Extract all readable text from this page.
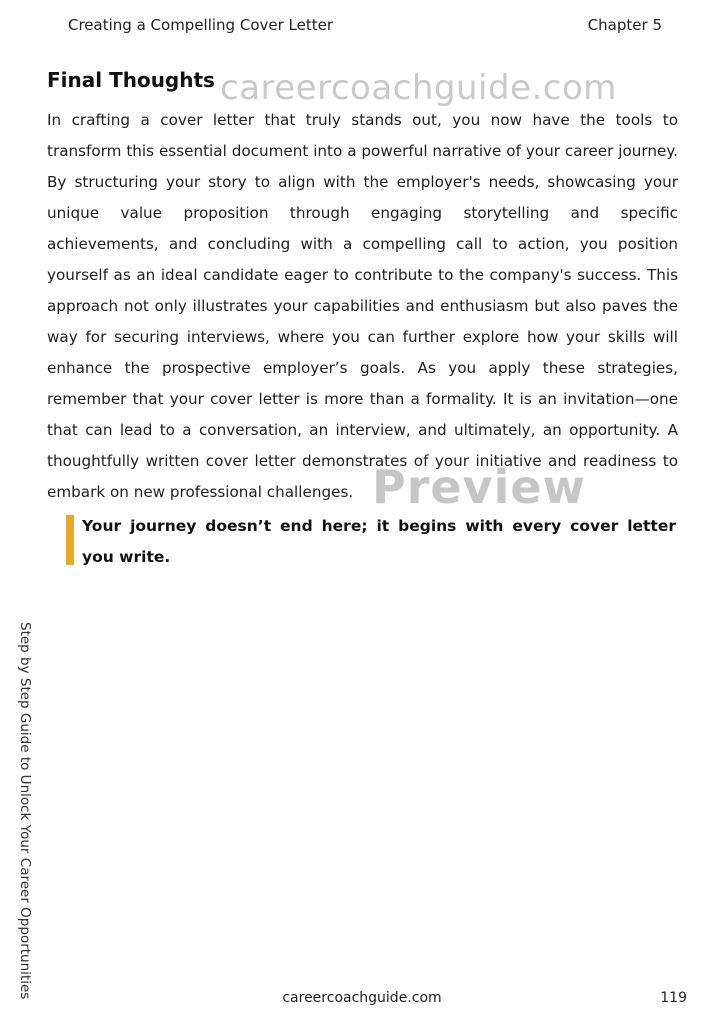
Creating a Compelling Cover Letter	Chapter 5
Final Thoughts careercoachguide.com
In crafting a cover letter that truly stands out, you now have the tools to transform this essential document into a powerful narrative of your career journey. By structuring your story to align with the employer's needs, showcasing your unique value proposition through engaging storytelling and specific achievements, and concluding with a compelling call to action, you position yourself as an ideal candidate eager to contribute to the company's success. This approach not only illustrates your capabilities and enthusiasm but also paves the way for securing interviews, where you can further explore how your skills will enhance the prospective employer’s goals. As you apply these strategies, remember that your cover letter is more than a formality. It is an invitation—one that can lead to a conversation, an interview, and ultimately, an opportunity. A thoughtfully written cover letter demonstrates of your initiative and readiness to embark on new professional challenges. Preview
Your journey doesn’t end here; it begins with every cover letter you write.
Step by Step Guide to Unlock Your Career Opportunities	careercoachguide.com	119
